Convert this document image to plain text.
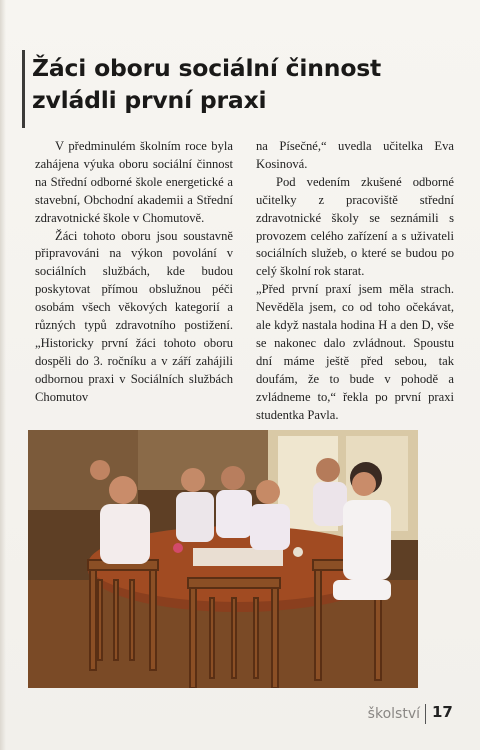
Žáci oboru sociální činnost
zvládli první praxi

V předminulém školním roce byla zahájena výuka oboru sociální činnost na Střední odborné škole energetické a stavební, Obchodní akademii a Střední zdravotnické škole v Chomutově.

Žáci tohoto oboru jsou soustavně připravováni na výkon povolání v sociálních službách, kde budou poskytovat přímou obslužnou péči osobám všech věkových kategorií a různých typů zdravotního postižení. „Historicky první žáci tohoto oboru dospěli do 3. ročníku a v září zahájili odbornou praxi v Sociálních službách Chomutov

na Písečné,“ uvedla učitelka Eva Kosinová.

Pod vedením zkušené odborné učitelky z pracoviště střední zdravotnické školy se seznámili s provozem celého zařízení a s uživateli sociálních služeb, o které se budou po celý školní rok starat.

„Před první praxí jsem měla strach. Nevěděla jsem, co od toho očekávat, ale když nastala hodina H a den D, vše se nakonec dalo zvládnout. Spoustu dní máme ještě před sebou, tak doufám, že to bude v pohodě a zvládneme to,“ řekla po první praxi studentka Pavla.

školství 17
